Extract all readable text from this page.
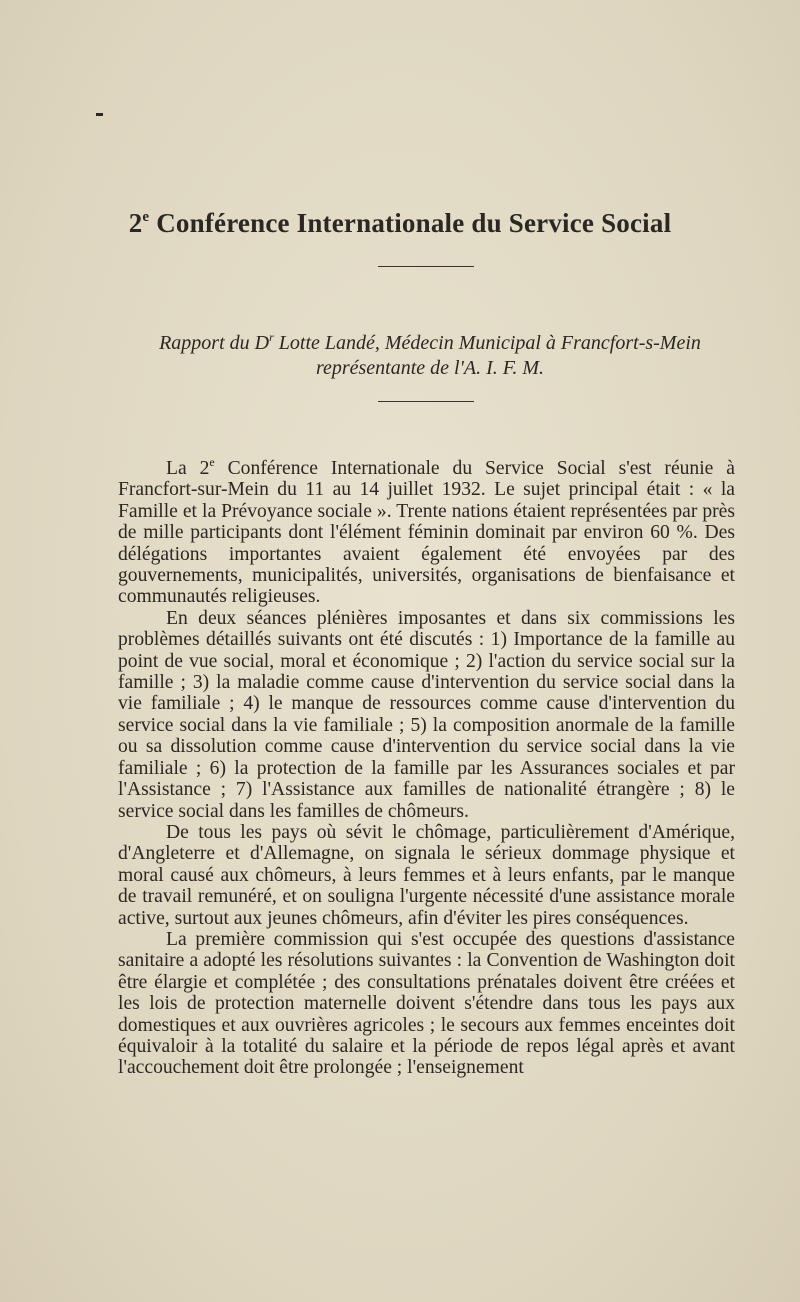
2e Conférence Internationale du Service Social
Rapport du $D^r$ Lotte Landé, Médecin Municipal à Francfort-s-Mein
représentante de l'A. I. F. M.

La 2e Conférence Internationale du Service Social s'est réunie à Francfort-sur-Mein du 11 au 14 juillet 1932. Le sujet principal était : « la Famille et la Prévoyance sociale ». Trente nations étaient représentées par près de mille participants dont l'élément féminin dominait par environ 60 %. Des délégations importantes avaient également été envoyées par des gouvernements, municipalités, universités, organisations de bienfaisance et communautés religieuses.

En deux séances plénières imposantes et dans six commissions les problèmes détaillés suivants ont été discutés : 1) Importance de la famille au point de vue social, moral et économique ; 2) l'action du service social sur la famille ; 3) la maladie comme cause d'intervention du service social dans la vie familiale ; 4) le manque de ressources comme cause d'intervention du service social dans la vie familiale ; 5) la composition anormale de la famille ou sa dissolution comme cause d'intervention du service social dans la vie familiale ; 6) la protection de la famille par les Assurances sociales et par l'Assistance ; 7) l'Assistance aux familles de nationalité étrangère ; 8) le service social dans les familles de chômeurs.

De tous les pays où sévit le chômage, particulièrement d'Amérique, d'Angleterre et d'Allemagne, on signala le sérieux dommage physique et moral causé aux chômeurs, à leurs femmes et à leurs enfants, par le manque de travail remunéré, et on souligna l'urgente nécessité d'une assistance morale active, surtout aux jeunes chômeurs, afin d'éviter les pires conséquences.

La première commission qui s'est occupée des questions d'assistance sanitaire a adopté les résolutions suivantes : la Convention de Washington doit être élargie et complétée ; des consultations prénatales doivent être créées et les lois de protection maternelle doivent s'étendre dans tous les pays aux domestiques et aux ouvrières agricoles ; le secours aux femmes enceintes doit équivaloir à la totalité du salaire et la période de repos légal après et avant l'accouchement doit être prolongée ; l'enseignement
